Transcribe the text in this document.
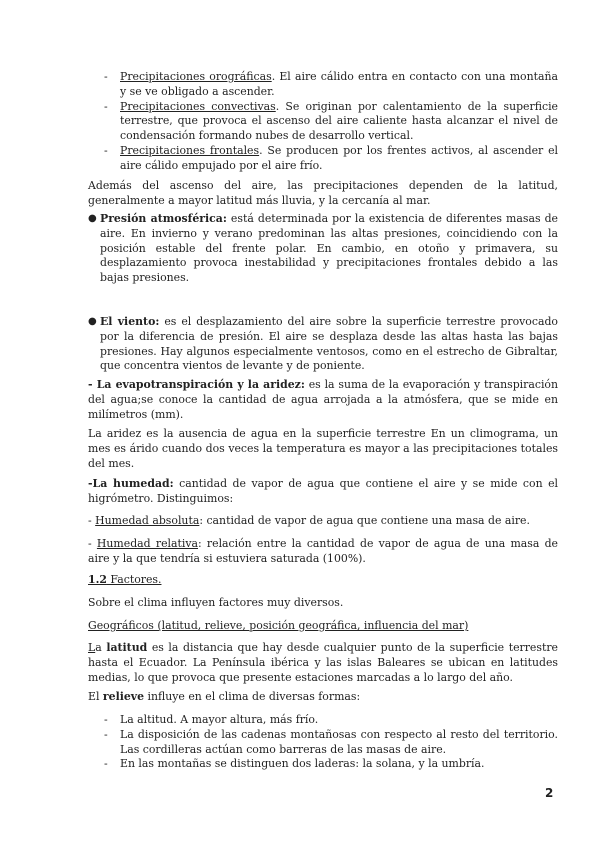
- Precipitaciones orográficas. El aire cálido entra en contacto con una montaña y se ve obligado a ascender.
- Precipitaciones convectivas. Se originan por calentamiento de la superficie terrestre, que provoca el ascenso del aire caliente hasta alcanzar el nivel de condensación formando nubes de desarrollo vertical.
- Precipitaciones frontales. Se producen por los frentes activos, al ascender el aire cálido empujado por el aire frío.

Además del ascenso del aire, las precipitaciones dependen de la latitud, generalmente a mayor latitud más lluvia, y la cercanía al mar.

● Presión atmosférica: está determinada por la existencia de diferentes masas de aire. En invierno y verano predominan las altas presiones, coincidiendo con la posición estable del frente polar. En cambio, en otoño y primavera, su desplazamiento provoca inestabilidad y precipitaciones frontales debido a las bajas presiones.
● El viento: es el desplazamiento del aire sobre la superficie terrestre provocado por la diferencia de presión. El aire se desplaza desde las altas hasta las bajas presiones. Hay algunos especialmente ventosos, como en el estrecho de Gibraltar, que concentra vientos de levante y de poniente.

- La evapotranspiración y la aridez: es la suma de la evaporación y transpiración del agua;se conoce la cantidad de agua arrojada a la atmósfera, que se mide en milímetros (mm).

La aridez es la ausencia de agua en la superficie terrestre En un climograma, un mes es árido cuando dos veces la temperatura es mayor a las precipitaciones totales del mes.

-La humedad: cantidad de vapor de agua que contiene el aire y se mide con el higrómetro. Distinguimos:

- Humedad absoluta: cantidad de vapor de agua que contiene una masa de aire.

- Humedad relativa: relación entre la cantidad de vapor de agua de una masa de aire y la que tendría si estuviera saturada (100%).

1.2 Factores.

Sobre el clima influyen factores muy diversos.

Geográficos (latitud, relieve, posición geográfica, influencia del mar)

La latitud es la distancia que hay desde cualquier punto de la superficie terrestre hasta el Ecuador. La Península ibérica y las islas Baleares se ubican en latitudes medias, lo que provoca que presente estaciones marcadas a lo largo del año.

El relieve influye en el clima de diversas formas:

- La altitud. A mayor altura, más frío.
- La disposición de las cadenas montañosas con respecto al resto del territorio. Las cordilleras actúan como barreras de las masas de aire.
- En las montañas se distinguen dos laderas: la solana, y la umbría.
2
